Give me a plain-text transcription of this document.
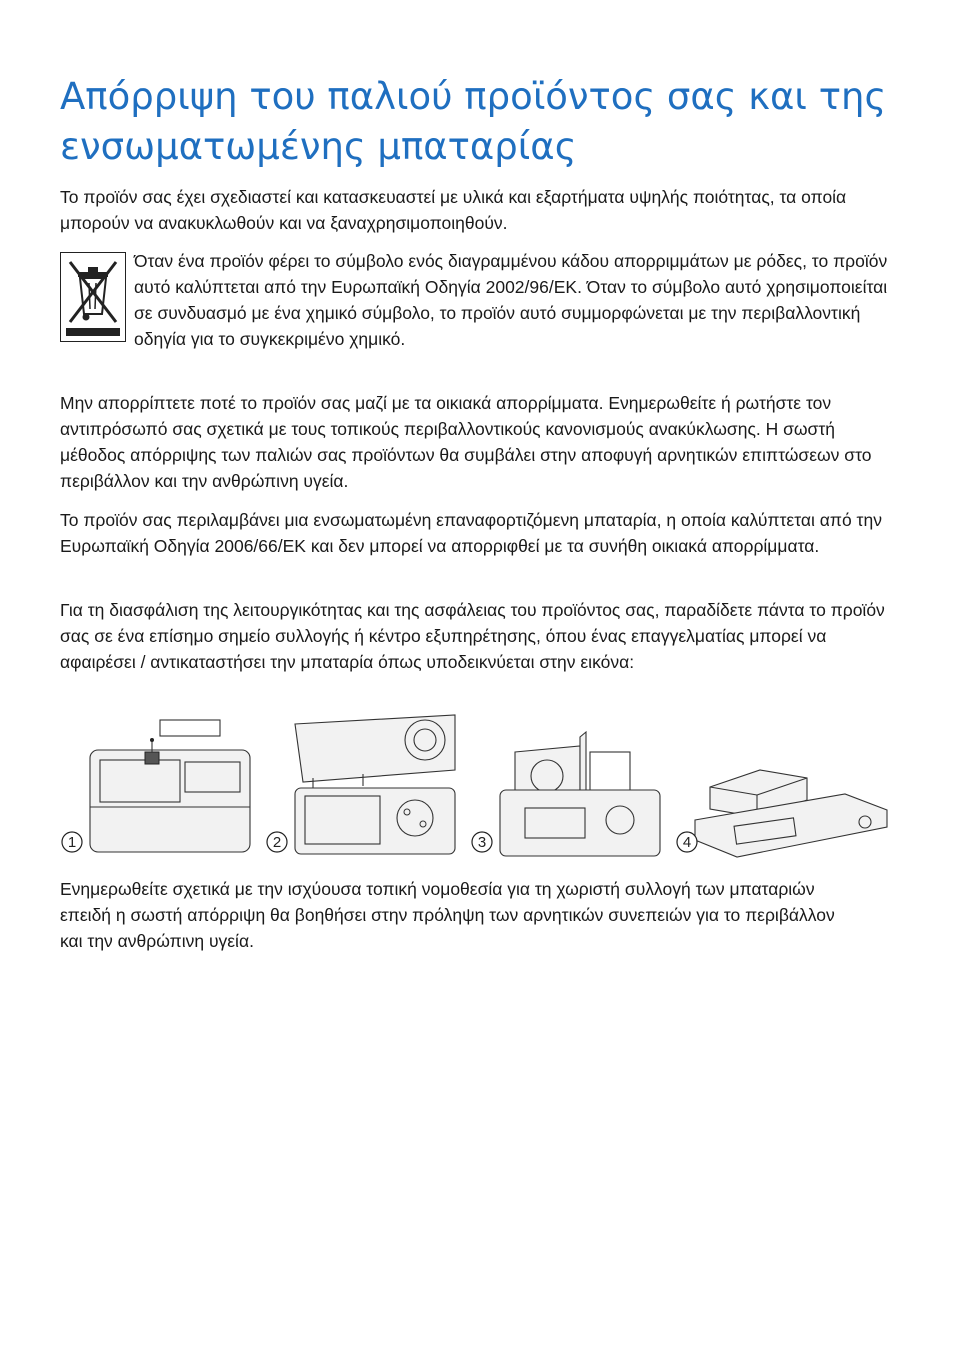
Απόρριψη του παλιού προϊόντος σας και της ενσωματωμένης μπαταρίας

Το προϊόν σας έχει σχεδιαστεί και κατασκευαστεί με υλικά και εξαρτήματα υψηλής ποιότητας, τα οποία μπορούν να ανακυκλωθούν και να ξαναχρησιμοποιηθούν.

Όταν ένα προϊόν φέρει το σύμβολο ενός διαγραμμένου κάδου απορριμμάτων με ρόδες, το προϊόν αυτό καλύπτεται από την Ευρωπαϊκή Οδηγία 2002/96/ΕΚ. Όταν το σύμβολο αυτό χρησιμοποιείται σε συνδυασμό με ένα χημικό σύμβολο, το προϊόν αυτό συμμορφώνεται με την περιβαλλοντική οδηγία για το συγκεκριμένο χημικό.

Μην απορρίπτετε ποτέ το προϊόν σας μαζί με τα οικιακά απορρίμματα. Ενημερωθείτε ή ρωτήστε τον αντιπρόσωπό σας σχετικά με τους τοπικούς περιβαλλοντικούς κανονισμούς ανακύκλωσης. Η σωστή μέθοδος απόρριψης των παλιών σας προϊόντων θα συμβάλει στην αποφυγή αρνητικών επιπτώσεων στο περιβάλλον και την ανθρώπινη υγεία.

Το προϊόν σας περιλαμβάνει μια ενσωματωμένη επαναφορτιζόμενη μπαταρία, η οποία καλύπτεται από την Ευρωπαϊκή Οδηγία 2006/66/ΕΚ και δεν μπορεί να απορριφθεί με τα συνήθη οικιακά απορρίμματα.

Για τη διασφάλιση της λειτουργικότητας και της ασφάλειας του προϊόντος σας, παραδίδετε πάντα το προϊόν σας σε ένα επίσημο σημείο συλλογής ή κέντρο εξυπηρέτησης, όπου ένας επαγγελματίας μπορεί να αφαιρέσει / αντικαταστήσει την μπαταρία όπως υποδεικνύεται στην εικόνα:

1	2	3	4

Ενημερωθείτε σχετικά με την ισχύουσα τοπική νομοθεσία για τη χωριστή συλλογή των μπαταριών επειδή η σωστή απόρριψη θα βοηθήσει στην πρόληψη των αρνητικών συνεπειών για το περιβάλλον και την ανθρώπινη υγεία.
